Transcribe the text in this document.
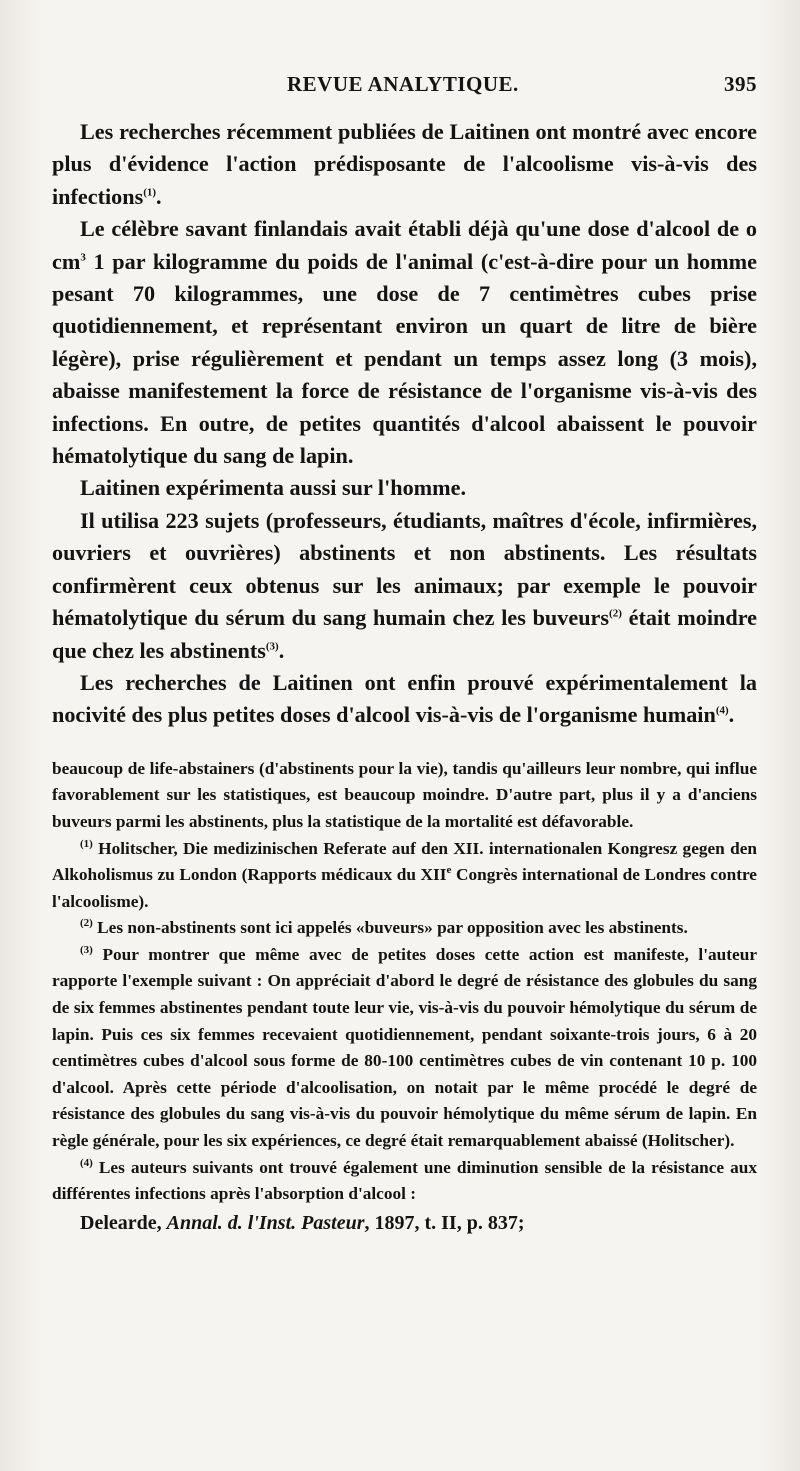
REVUE ANALYTIQUE.	395

Les recherches récemment publiées de Laitinen ont montré avec encore plus d'évidence l'action prédisposante de l'alcoolisme vis-à-vis des infections$^{(1)}$.

Le célèbre savant finlandais avait établi déjà qu'une dose d'alcool de o $cm^3$ 1 par kilogramme du poids de l'animal (c'est-à-dire pour un homme pesant 70 kilogrammes, une dose de 7 centimètres cubes prise quotidiennement, et représentant environ un quart de litre de bière légère), prise régulièrement et pendant un temps assez long (3 mois), abaisse manifestement la force de résistance de l'organisme vis-à-vis des infections. En outre, de petites quantités d'alcool abaissent le pouvoir hématolytique du sang de lapin.

Laitinen expérimenta aussi sur l'homme.

Il utilisa 223 sujets (professeurs, étudiants, maîtres d'école, infirmières, ouvriers et ouvrières) abstinents et non abstinents. Les résultats confirmèrent ceux obtenus sur les animaux; par exemple le pouvoir hématolytique du sérum du sang humain chez les buveurs$^{(2)}$ était moindre que chez les abstinents$^{(3)}$.

Les recherches de Laitinen ont enfin prouvé expérimentalement la nocivité des plus petites doses d'alcool vis-à-vis de l'organisme humain$^{(4)}$.

beaucoup de life-abstainers (d'abstinents pour la vie), tandis qu'ailleurs leur nombre, qui influe favorablement sur les statistiques, est beaucoup moindre. D'autre part, plus il y a d'anciens buveurs parmi les abstinents, plus la statistique de la mortalité est défavorable.

$^{(1)}$ Holitscher, Die medizinischen Referate auf den XII. internationalen Kongresz gegen den Alkoholismus zu London (Rapports médicaux du XIIe Congrès international de Londres contre l'alcoolisme).

$^{(2)}$ Les non-abstinents sont ici appelés «buveurs» par opposition avec les abstinents.

$^{(3)}$ Pour montrer que même avec de petites doses cette action est manifeste, l'auteur rapporte l'exemple suivant : On appréciait d'abord le degré de résistance des globules du sang de six femmes abstinentes pendant toute leur vie, vis-à-vis du pouvoir hémolytique du sérum de lapin. Puis ces six femmes recevaient quotidiennement, pendant soixante-trois jours, 6 à 20 centimètres cubes d'alcool sous forme de 80-100 centimètres cubes de vin contenant 10 p. 100 d'alcool. Après cette période d'alcoolisation, on notait par le même procédé le degré de résistance des globules du sang vis-à-vis du pouvoir hémolytique du même sérum de lapin. En règle générale, pour les six expériences, ce degré était remarquablement abaissé (Holitscher).

$^{(4)}$ Les auteurs suivants ont trouvé également une diminution sensible de la résistance aux différentes infections après l'absorption d'alcool :

Delearde, Annal. d. l'Inst. Pasteur, 1897, t. II, p. 837;
